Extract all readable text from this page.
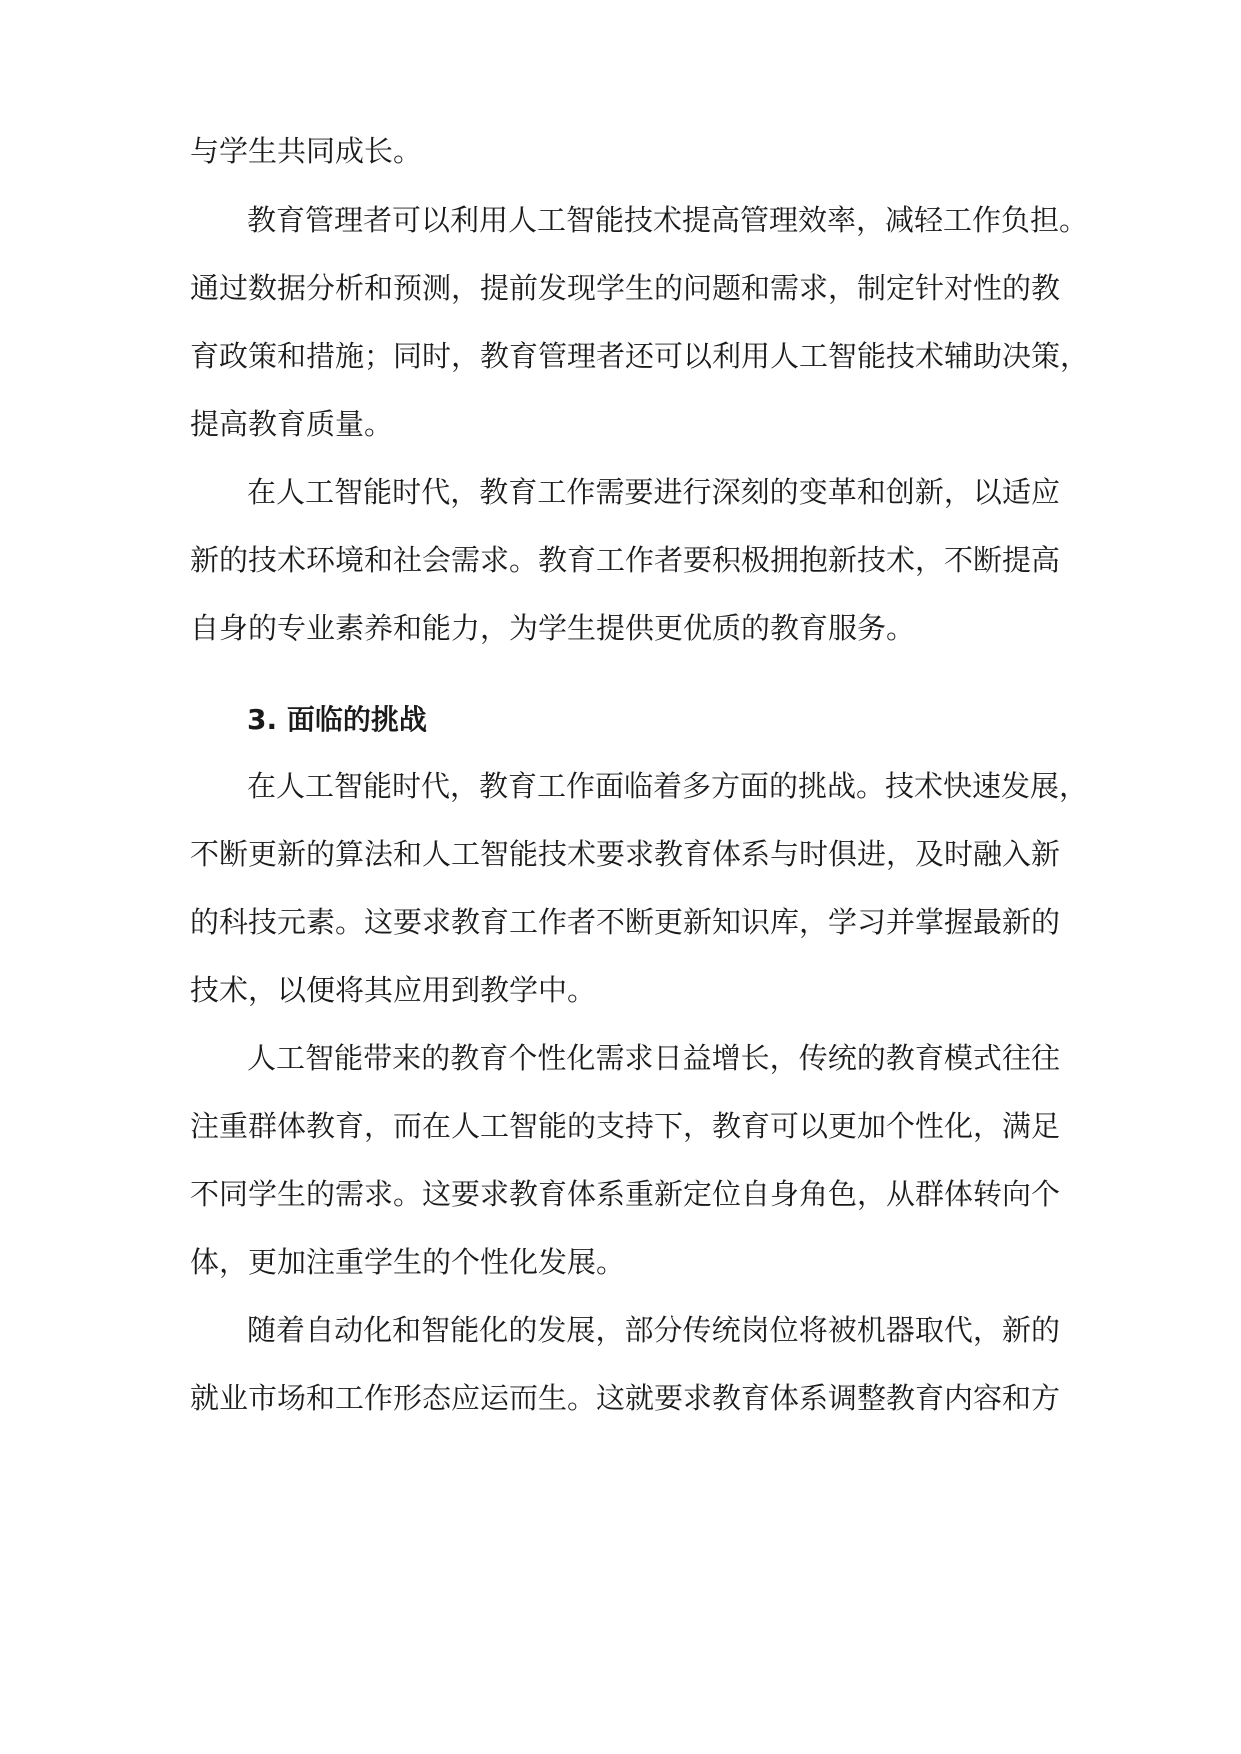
与学生共同成长。
教育管理者可以利用人工智能技术提高管理效率，减轻工作负担。
通过数据分析和预测，提前发现学生的问题和需求，制定针对性的教
育政策和措施；同时，教育管理者还可以利用人工智能技术辅助决策，
提高教育质量。
在人工智能时代，教育工作需要进行深刻的变革和创新，以适应
新的技术环境和社会需求。教育工作者要积极拥抱新技术，不断提高
自身的专业素养和能力，为学生提供更优质的教育服务。
3. 面临的挑战
在人工智能时代，教育工作面临着多方面的挑战。技术快速发展，
不断更新的算法和人工智能技术要求教育体系与时俱进，及时融入新
的科技元素。这要求教育工作者不断更新知识库，学习并掌握最新的
技术，以便将其应用到教学中。
人工智能带来的教育个性化需求日益增长，传统的教育模式往往
注重群体教育，而在人工智能的支持下，教育可以更加个性化，满足
不同学生的需求。这要求教育体系重新定位自身角色，从群体转向个
体，更加注重学生的个性化发展。
随着自动化和智能化的发展，部分传统岗位将被机器取代，新的
就业市场和工作形态应运而生。这就要求教育体系调整教育内容和方
